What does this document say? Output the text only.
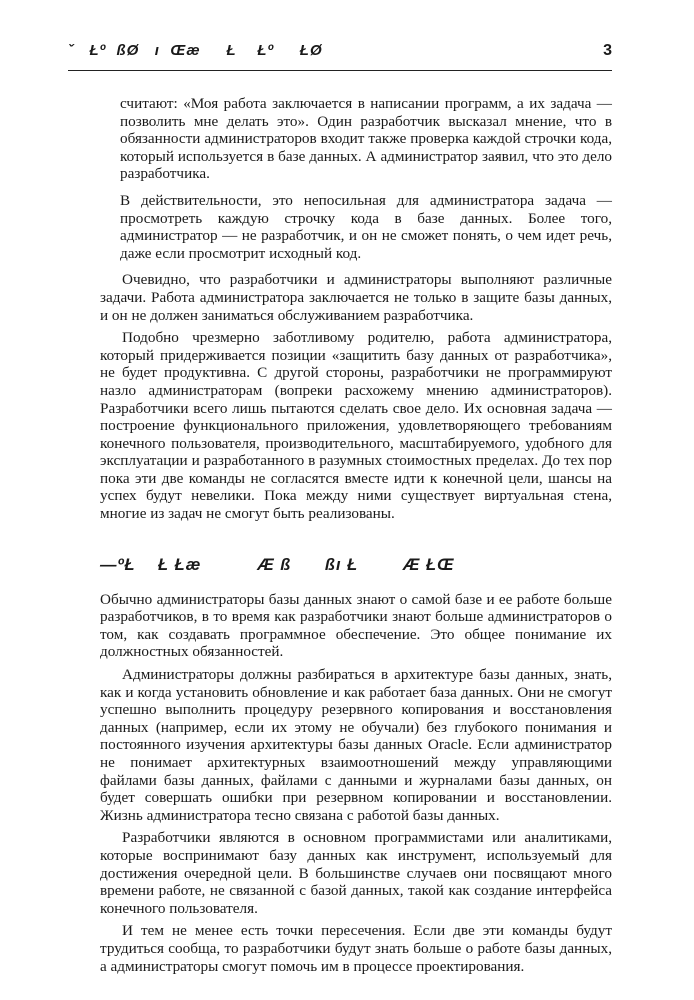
ˇ   Łº  ßØ   ı  Œæ     Ł    Łº     ŁØ	3

считают: «Моя работа заключается в написании программ, а их задача — позволить мне делать это». Один разработчик высказал мнение, что в обязанности администраторов входит также проверка каждой строчки кода, который используется в базе данных. А администратор заявил, что это дело разработчика.

В действительности, это непосильная для администратора задача — просмотреть каждую строчку кода в базе данных. Более того, администратор — не разработчик, и он не сможет понять, о чем идет речь, даже если просмотрит исходный код.

Очевидно, что разработчики и администраторы выполняют различные задачи. Работа администратора заключается не только в защите базы данных, и он не должен заниматься обслуживанием разработчика.

Подобно чрезмерно заботливому родителю, работа администратора, который придерживается позиции «защитить базу данных от разработчика», не будет продуктивна. С другой стороны, разработчики не программируют назло администраторам (вопреки расхожему мнению администраторов). Разработчики всего лишь пытаются сделать свое дело. Их основная задача — построение функционального приложения, удовлетворяющего требованиям конечного пользователя, производительного, масштабируемого, удобного для эксплуатации и разработанного в разумных стоимостных пределах. До тех пор пока эти две команды не согласятся вместе идти к конечной цели, шансы на успех будут невелики. Пока между ними существует виртуальная стена, многие из задач не смогут быть реализованы.

—ºŁ    Ł Łæ          Æ ß      ßı Ł        Æ ŁŒ

Обычно администраторы базы данных знают о самой базе и ее работе больше разработчиков, в то время как разработчики знают больше администраторов о том, как создавать программное обеспечение. Это общее понимание их должностных обязанностей.

Администраторы должны разбираться в архитектуре базы данных, знать, как и когда установить обновление и как работает база данных. Они не смогут успешно выполнить процедуру резервного копирования и восстановления данных (например, если их этому не обучали) без глубокого понимания и постоянного изучения архитектуры базы данных Oracle. Если администратор не понимает архитектурных взаимоотношений между управляющими файлами базы данных, файлами с данными и журналами базы данных, он будет совершать ошибки при резервном копировании и восстановлении. Жизнь администратора тесно связана с работой базы данных.

Разработчики являются в основном программистами или аналитиками, которые воспринимают базу данных как инструмент, используемый для достижения очередной цели. В большинстве случаев они посвящают много времени работе, не связанной с базой данных, такой как создание интерфейса конечного пользователя.

И тем не менее есть точки пересечения. Если две эти команды будут трудиться сообща, то разработчики будут знать больше о работе базы данных, а администраторы смогут помочь им в процессе проектирования.
